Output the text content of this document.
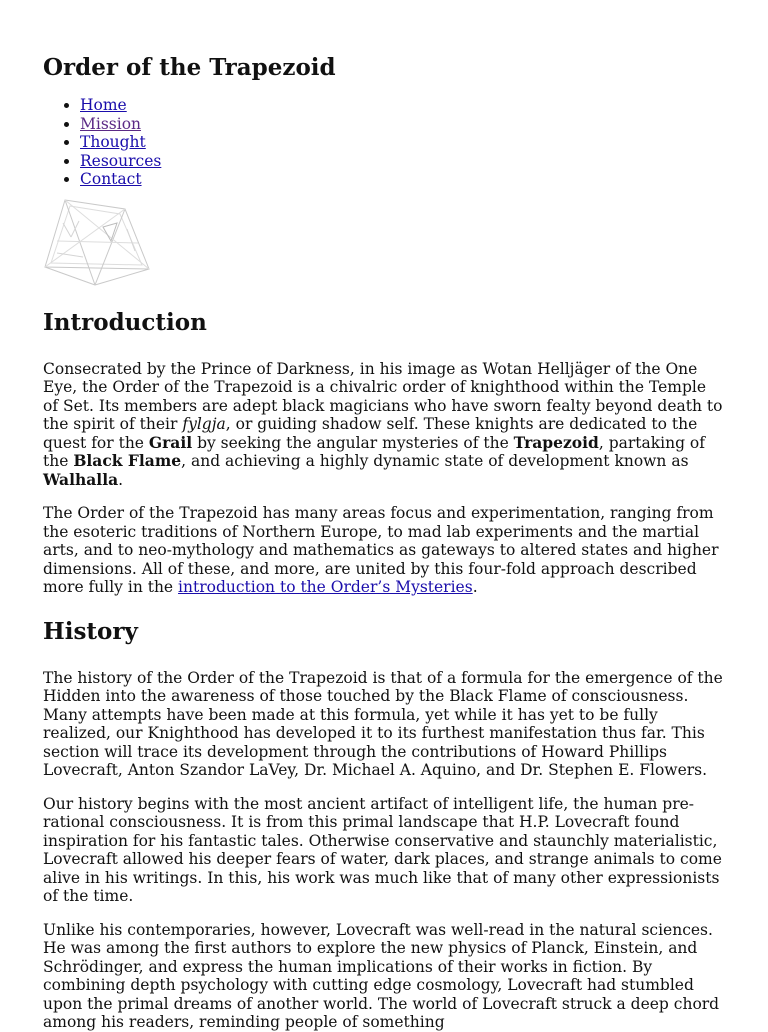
Order of the Trapezoid
• Home
• Mission
• Thought
• Resources
• Contact
Introduction

Consecrated by the Prince of Darkness, in his image as Wotan Helljäger of the One Eye, the Order of the Trapezoid is a chivalric order of knighthood within the Temple of Set. Its members are adept black magicians who have sworn fealty beyond death to the spirit of their fylgja, or guiding shadow self. These knights are dedicated to the quest for the Grail by seeking the angular mysteries of the Trapezoid, partaking of the Black Flame, and achieving a highly dynamic state of development known as Walhalla.

The Order of the Trapezoid has many areas focus and experimentation, ranging from the esoteric traditions of Northern Europe, to mad lab experiments and the martial arts, and to neo-mythology and mathematics as gateways to altered states and higher dimensions. All of these, and more, are united by this four-fold approach described more fully in the introduction to the Order’s Mysteries.

History

The history of the Order of the Trapezoid is that of a formula for the emergence of the Hidden into the awareness of those touched by the Black Flame of consciousness. Many attempts have been made at this formula, yet while it has yet to be fully realized, our Knighthood has developed it to its furthest manifestation thus far. This section will trace its development through the contributions of Howard Phillips Lovecraft, Anton Szandor LaVey, Dr. Michael A. Aquino, and Dr. Stephen E. Flowers.

Our history begins with the most ancient artifact of intelligent life, the human pre-rational consciousness. It is from this primal landscape that H.P. Lovecraft found inspiration for his fantastic tales. Otherwise conservative and staunchly materialistic, Lovecraft allowed his deeper fears of water, dark places, and strange animals to come alive in his writings. In this, his work was much like that of many other expressionists of the time.

Unlike his contemporaries, however, Lovecraft was well-read in the natural sciences. He was among the first authors to explore the new physics of Planck, Einstein, and Schrödinger, and express the human implications of their works in fiction. By combining depth psychology with cutting edge cosmology, Lovecraft had stumbled upon the primal dreams of another world. The world of Lovecraft struck a deep chord among his readers, reminding people of something
